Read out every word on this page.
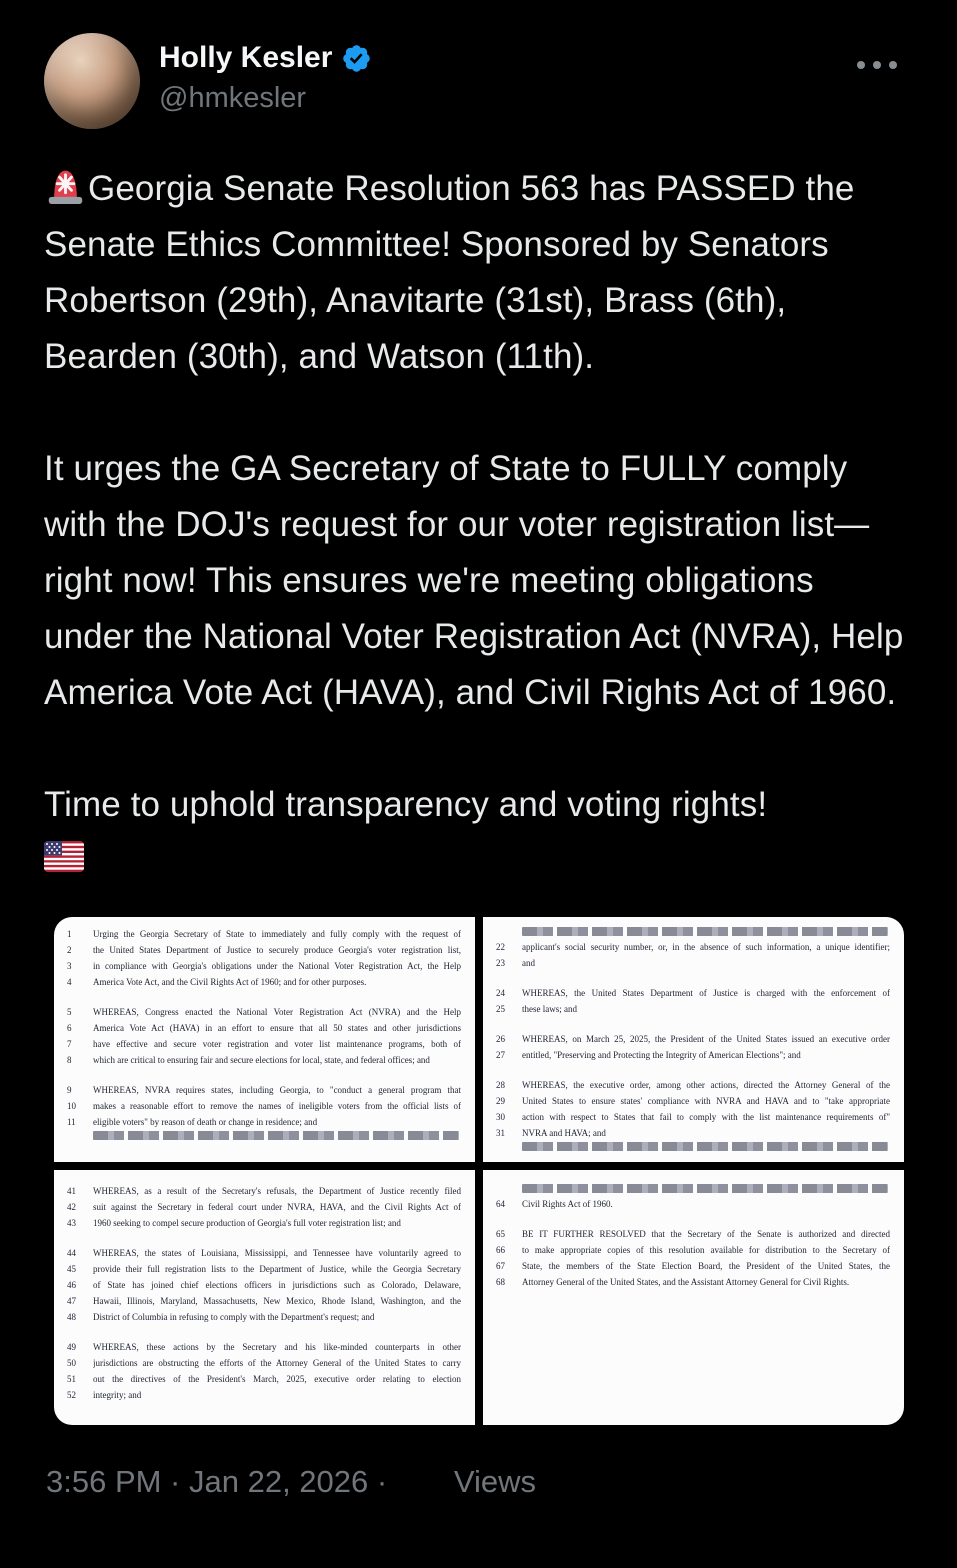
Holly Kesler
@hmkesler

Georgia Senate Resolution 563 has PASSED the Senate Ethics Committee! Sponsored by Senators Robertson (29th), Anavitarte (31st), Brass (6th), Bearden (30th), and Watson (11th).

It urges the GA Secretary of State to FULLY comply with the DOJ's request for our voter registration list—right now! This ensures we're meeting obligations under the National Voter Registration Act (NVRA), Help America Vote Act (HAVA), and Civil Rights Act of 1960.

Time to uphold transparency and voting rights!

1	Urging the Georgia Secretary of State to immediately and fully comply with the request of
2	the United States Department of Justice to securely produce Georgia's voter registration list,
3	in compliance with Georgia's obligations under the National Voter Registration Act, the Help
4	America Vote Act, and the Civil Rights Act of 1960; and for other purposes.
5	WHEREAS, Congress enacted the National Voter Registration Act (NVRA) and the Help
6	America Vote Act (HAVA) in an effort to ensure that all 50 states and other jurisdictions
7	have effective and secure voter registration and voter list maintenance programs, both of
8	which are critical to ensuring fair and secure elections for local, state, and federal offices; and
9	WHEREAS, NVRA requires states, including Georgia, to "conduct a general program that
10	makes a reasonable effort to remove the names of ineligible voters from the official lists of
11	eligible voters" by reason of death or change in residence; and
22	applicant's social security number, or, in the absence of such information, a unique identifier;
23	and
24	WHEREAS, the United States Department of Justice is charged with the enforcement of
25	these laws; and
26	WHEREAS, on March 25, 2025, the President of the United States issued an executive order
27	entitled, "Preserving and Protecting the Integrity of American Elections"; and
28	WHEREAS, the executive order, among other actions, directed the Attorney General of the
29	United States to ensure states' compliance with NVRA and HAVA and to "take appropriate
30	action with respect to States that fail to comply with the list maintenance requirements of"
31	NVRA and HAVA; and
41	WHEREAS, as a result of the Secretary's refusals, the Department of Justice recently filed
42	suit against the Secretary in federal court under NVRA, HAVA, and the Civil Rights Act of
43	1960 seeking to compel secure production of Georgia's full voter registration list; and
44	WHEREAS, the states of Louisiana, Mississippi, and Tennessee have voluntarily agreed to
45	provide their full registration lists to the Department of Justice, while the Georgia Secretary
46	of State has joined chief elections officers in jurisdictions such as Colorado, Delaware,
47	Hawaii, Illinois, Maryland, Massachusetts, New Mexico, Rhode Island, Washington, and the
48	District of Columbia in refusing to comply with the Department's request; and
49	WHEREAS, these actions by the Secretary and his like-minded counterparts in other
50	jurisdictions are obstructing the efforts of the Attorney General of the United States to carry
51	out the directives of the President's March, 2025, executive order relating to election
52	integrity; and
64	Civil Rights Act of 1960.
65	BE IT FURTHER RESOLVED that the Secretary of the Senate is authorized and directed
66	to make appropriate copies of this resolution available for distribution to the Secretary of
67	State, the members of the State Election Board, the President of the United States, the
68	Attorney General of the United States, and the Assistant Attorney General for Civil Rights.
3:56 PM · Jan 22, 2026 · Views
